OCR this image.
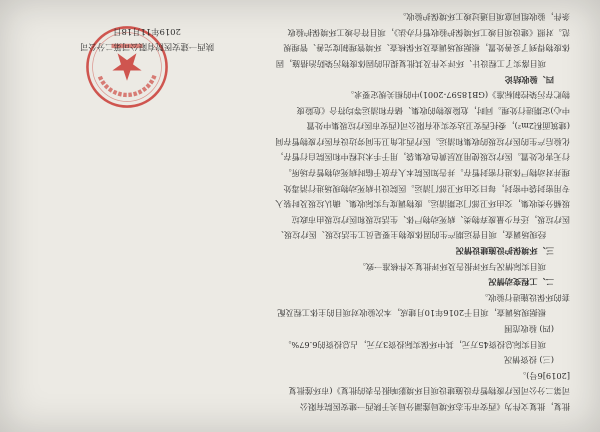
批复，批复文件为《西安市生态环境局莲湖分局关于陕西一建安医院有限公
司第二分公司医疗废物暂存设施建设项目环境影响报告表的批复》(市环莲批复
[2019]6号)。
(三) 投资情况
项目实际总投资45万元，其中环保实际投资3万元，占总投资的6.67%。
(四) 验收范围
根据现场调查，项目于2016年10月建成，本次验收对项目的主体工程及配
套的环保设施进行验收。
二、工程变动情况
项目实际情况与环评报告及环评批复文件核准一致。
三、环境保护设施建设情况
经现场调查，项目营运期产生的固体废物主要是员工生活垃圾、医疗垃圾、
医疗垃圾，还有少量废弃物类、病死动物尸体、生活垃圾和医疗垃圾由市政垃
圾桶分类收集，交由环卫部门定期清运。废物调度与实际收集、确认垃圾及时装入
专用密封袋中密封，每日交由环卫部门清运。医院设计病死动物现场进行消毒处
理并对动物尸体进行密封暂存。并告知医院本人存放于临时病死动物暂存场所。
行无害化处置。医疗垃圾使用双层黄色收集袋，用于手术过程中和医院自行暂存，
化验后产生的医疗垃圾的收集和清运。医疗西北角卫生间旁边设有医疗废物暂存间
(建筑面积2m²)，委托西安卫达安实业有限公司(西安市医疗垃圾集中处置
中心)定期进行处理。同时，危险废物的收集、储存和清运等均符合《危险废
物贮存污染控制标准》(GB18597-2001)中的相关规定要求。
四、验收结论
项目落实了工程设计、环评文件及其批复提出的固体废物污染防治措施，固
体废物得到了妥善处置，根据现场调查及环保核查、环境管理制度完善、管理规
范。对照《建设项目竣工环境保护验收暂行办法》，项目符合竣工环境保护验收
条件，验收组同意项目通过竣工环境保护验收。
陕西一建安医院有限公司第二分公司
2019年11月18日
